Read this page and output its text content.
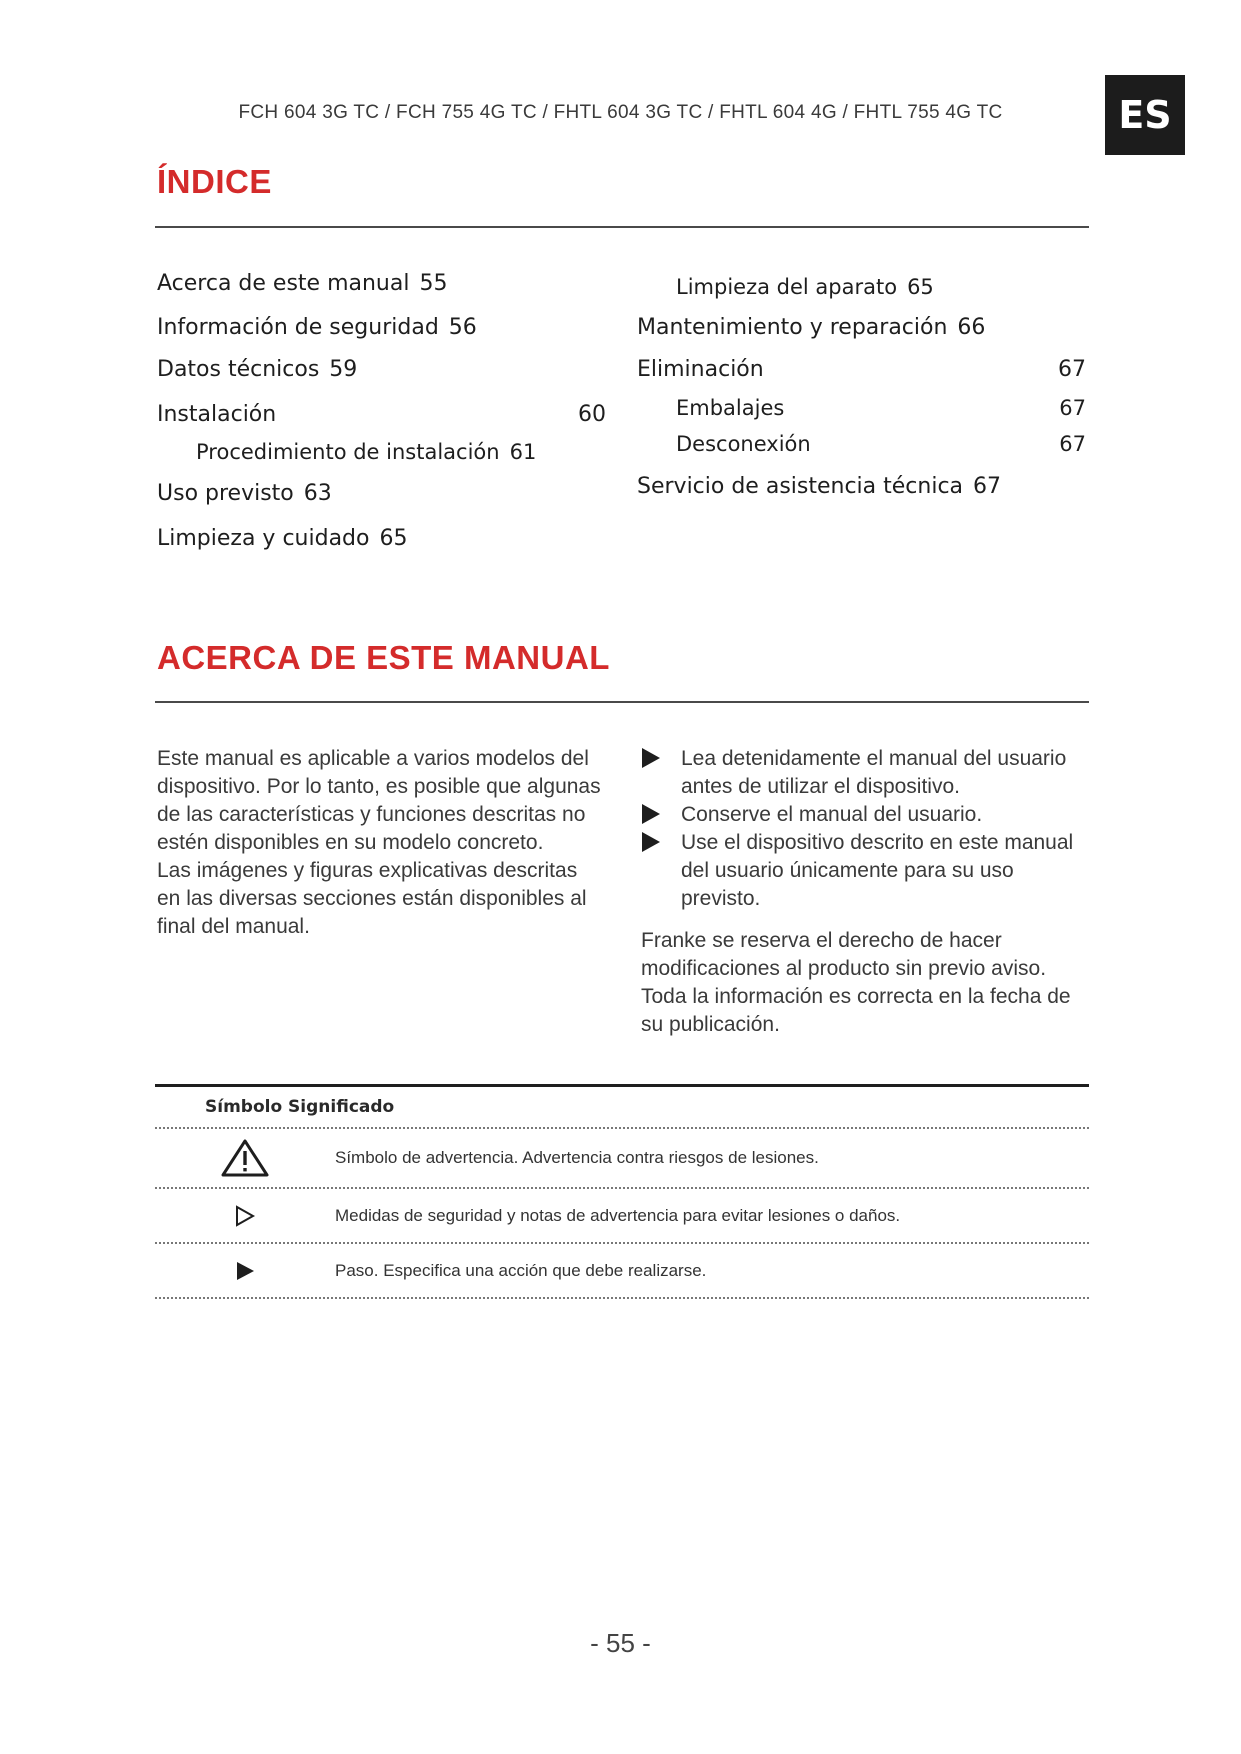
FCH 604 3G TC / FCH 755 4G TC / FHTL 604 3G TC / FHTL 604 4G / FHTL 755 4G TC	ES
ÍNDICE
Acerca de este manual 55
Información de seguridad 56
Datos técnicos 59
Instalación	60
Procedimiento de instalación 61
Uso previsto 63
Limpieza y cuidado 65
Limpieza del aparato 65
Mantenimiento y reparación 66
Eliminación	67
Embalajes	67
Desconexión	67
Servicio de asistencia técnica 67
ACERCA DE ESTE MANUAL

Este manual es aplicable a varios modelos del

dispositivo. Por lo tanto, es posible que algunas

de las características y funciones descritas no

estén disponibles en su modelo concreto.

Las imágenes y figuras explicativas descritas

en las diversas secciones están disponibles al

final del manual.

Lea detenidamente el manual del usuario
antes de utilizar el dispositivo.
Conserve el manual del usuario.
Use el dispositivo descrito en este manual
del usuario únicamente para su uso
previsto.

Franke se reserva el derecho de hacer

modificaciones al producto sin previo aviso.

Toda la información es correcta en la fecha de

su publicación.

Símbolo Significado
Símbolo de advertencia. Advertencia contra riesgos de lesiones.
Medidas de seguridad y notas de advertencia para evitar lesiones o daños.
Paso. Especifica una acción que debe realizarse.
- 55 -
